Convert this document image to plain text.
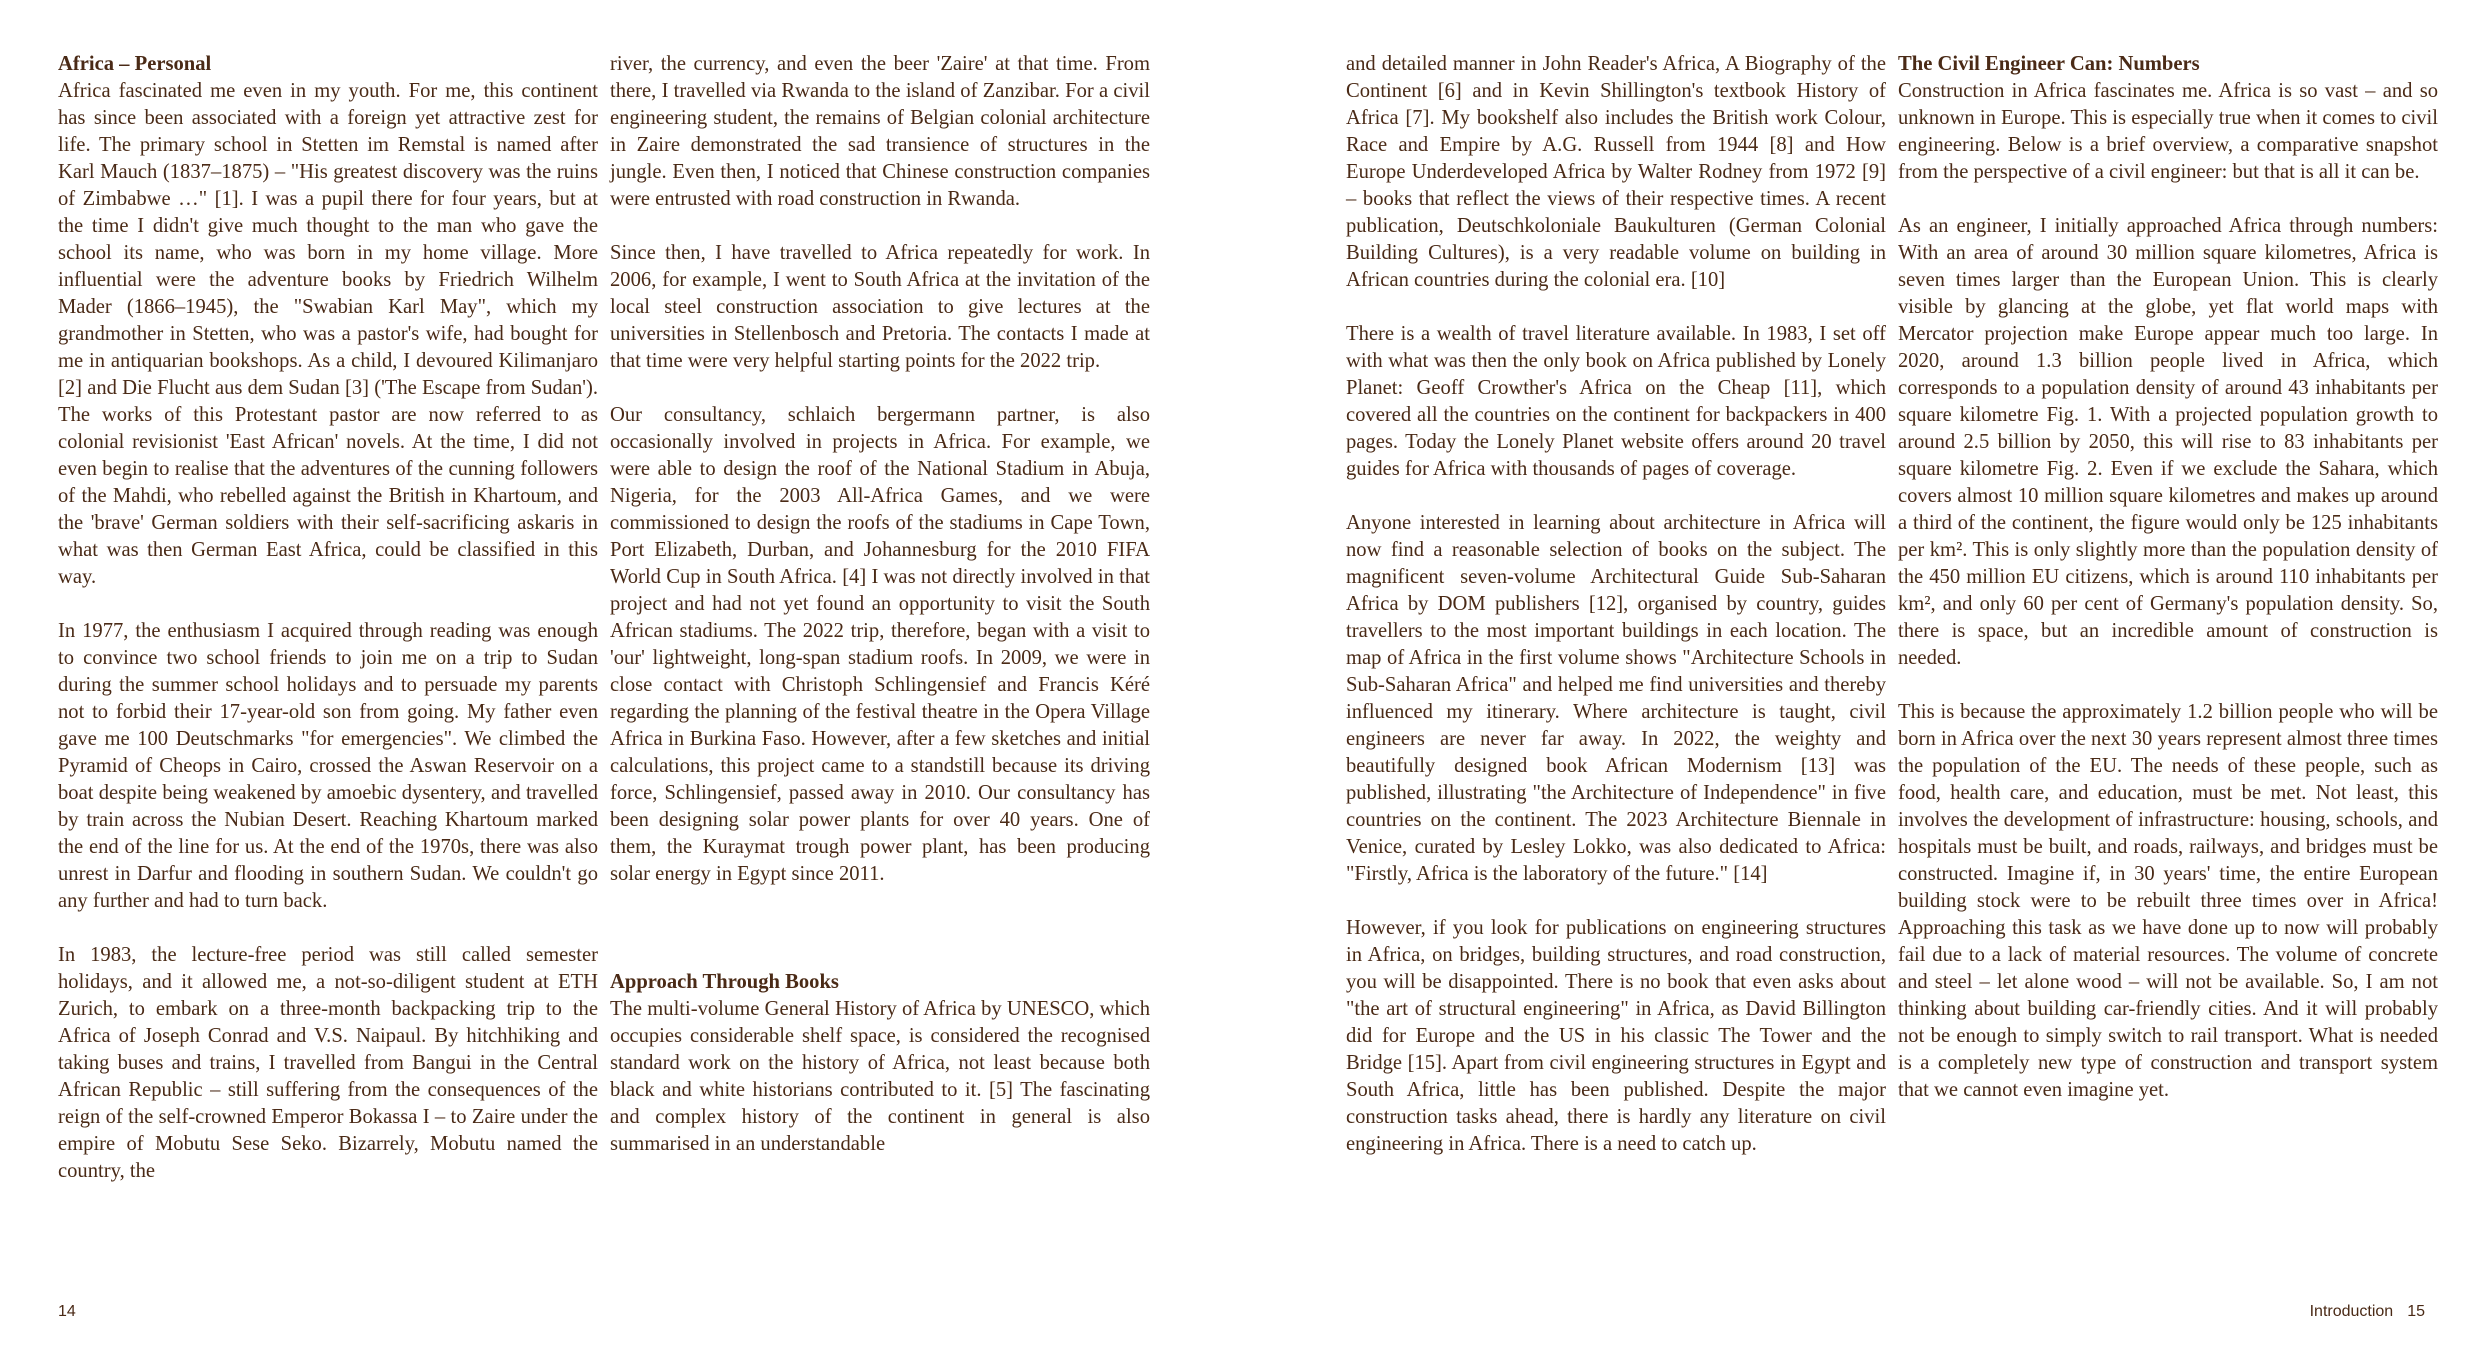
Africa – Personal

Africa fascinated me even in my youth. For me, this continent has since been associated with a foreign yet attractive zest for life. The primary school in Stetten im Remstal is named after Karl Mauch (1837–1875) – "His greatest discovery was the ruins of Zimbabwe …" [1]. I was a pupil there for four years, but at the time I didn't give much thought to the man who gave the school its name, who was born in my home village. More influential were the adventure books by Friedrich Wilhelm Mader (1866–1945), the "Swabian Karl May", which my grandmother in Stetten, who was a pastor's wife, had bought for me in antiquarian bookshops. As a child, I devoured Kilimanjaro [2] and Die Flucht aus dem Sudan [3] ('The Escape from Sudan'). The works of this Protestant pastor are now referred to as colonial revisionist 'East African' novels. At the time, I did not even begin to realise that the adventures of the cunning followers of the Mahdi, who rebelled against the British in Khartoum, and the 'brave' German soldiers with their self-sacrificing askaris in what was then German East Africa, could be classified in this way.

In 1977, the enthusiasm I acquired through reading was enough to convince two school friends to join me on a trip to Sudan during the summer school holidays and to persuade my parents not to forbid their 17-year-old son from going. My father even gave me 100 Deutschmarks "for emergencies". We climbed the Pyramid of Cheops in Cairo, crossed the Aswan Reservoir on a boat despite being weakened by amoebic dysentery, and travelled by train across the Nubian Desert. Reaching Khartoum marked the end of the line for us. At the end of the 1970s, there was also unrest in Darfur and flooding in southern Sudan. We couldn't go any further and had to turn back.

In 1983, the lecture-free period was still called semester holidays, and it allowed me, a not-so-diligent student at ETH Zurich, to embark on a three-month backpacking trip to the Africa of Joseph Conrad and V.S. Naipaul. By hitchhiking and taking buses and trains, I travelled from Bangui in the Central African Republic – still suffering from the consequences of the reign of the self-crowned Emperor Bokassa I – to Zaire under the empire of Mobutu Sese Seko. Bizarrely, Mobutu named the country, the

river, the currency, and even the beer 'Zaire' at that time. From there, I travelled via Rwanda to the island of Zanzibar. For a civil engineering student, the remains of Belgian colonial architecture in Zaire demonstrated the sad transience of structures in the jungle. Even then, I noticed that Chinese construction companies were entrusted with road construction in Rwanda.

Since then, I have travelled to Africa repeatedly for work. In 2006, for example, I went to South Africa at the invitation of the local steel construction association to give lectures at the universities in Stellenbosch and Pretoria. The contacts I made at that time were very helpful starting points for the 2022 trip.

Our consultancy, schlaich bergermann partner, is also occasionally involved in projects in Africa. For example, we were able to design the roof of the National Stadium in Abuja, Nigeria, for the 2003 All-Africa Games, and we were commissioned to design the roofs of the stadiums in Cape Town, Port Elizabeth, Durban, and Johannesburg for the 2010 FIFA World Cup in South Africa. [4] I was not directly involved in that project and had not yet found an opportunity to visit the South African stadiums. The 2022 trip, therefore, began with a visit to 'our' lightweight, long-span stadium roofs. In 2009, we were in close contact with Christoph Schlingensief and Francis Kéré regarding the planning of the festival theatre in the Opera Village Africa in Burkina Faso. However, after a few sketches and initial calculations, this project came to a standstill because its driving force, Schlingensief, passed away in 2010. Our consultancy has been designing solar power plants for over 40 years. One of them, the Kuraymat trough power plant, has been producing solar energy in Egypt since 2011.

Approach Through Books

The multi-volume General History of Africa by UNESCO, which occupies considerable shelf space, is considered the recognised standard work on the history of Africa, not least because both black and white historians contributed to it. [5] The fascinating and complex history of the continent in general is also summarised in an understandable

and detailed manner in John Reader's Africa, A Biography of the Continent [6] and in Kevin Shillington's textbook History of Africa [7]. My bookshelf also includes the British work Colour, Race and Empire by A.G. Russell from 1944 [8] and How Europe Underdeveloped Africa by Walter Rodney from 1972 [9] – books that reflect the views of their respective times. A recent publication, Deutschkoloniale Baukulturen (German Colonial Building Cultures), is a very readable volume on building in African countries during the colonial era. [10]

There is a wealth of travel literature available. In 1983, I set off with what was then the only book on Africa published by Lonely Planet: Geoff Crowther's Africa on the Cheap [11], which covered all the countries on the continent for backpackers in 400 pages. Today the Lonely Planet website offers around 20 travel guides for Africa with thousands of pages of coverage.

Anyone interested in learning about architecture in Africa will now find a reasonable selection of books on the subject. The magnificent seven-volume Architectural Guide Sub-Saharan Africa by DOM publishers [12], organised by country, guides travellers to the most important buildings in each location. The map of Africa in the first volume shows "Architecture Schools in Sub-Saharan Africa" and helped me find universities and thereby influenced my itinerary. Where architecture is taught, civil engineers are never far away. In 2022, the weighty and beautifully designed book African Modernism [13] was published, illustrating "the Architecture of Independence" in five countries on the continent. The 2023 Architecture Biennale in Venice, curated by Lesley Lokko, was also dedicated to Africa: "Firstly, Africa is the laboratory of the future." [14]

However, if you look for publications on engineering structures in Africa, on bridges, building structures, and road construction, you will be disappointed. There is no book that even asks about "the art of structural engineering" in Africa, as David Billington did for Europe and the US in his classic The Tower and the Bridge [15]. Apart from civil engineering structures in Egypt and South Africa, little has been published. Despite the major construction tasks ahead, there is hardly any literature on civil engineering in Africa. There is a need to catch up.

The Civil Engineer Can: Numbers

Construction in Africa fascinates me. Africa is so vast – and so unknown in Europe. This is especially true when it comes to civil engineering. Below is a brief overview, a comparative snapshot from the perspective of a civil engineer: but that is all it can be.

As an engineer, I initially approached Africa through numbers: With an area of around 30 million square kilometres, Africa is seven times larger than the European Union. This is clearly visible by glancing at the globe, yet flat world maps with Mercator projection make Europe appear much too large. In 2020, around 1.3 billion people lived in Africa, which corresponds to a population density of around 43 inhabitants per square kilometre Fig. 1. With a projected population growth to around 2.5 billion by 2050, this will rise to 83 inhabitants per square kilometre Fig. 2. Even if we exclude the Sahara, which covers almost 10 million square kilometres and makes up around a third of the continent, the figure would only be 125 inhabitants per km². This is only slightly more than the population density of the 450 million EU citizens, which is around 110 inhabitants per km², and only 60 per cent of Germany's population density. So, there is space, but an incredible amount of construction is needed.

This is because the approximately 1.2 billion people who will be born in Africa over the next 30 years represent almost three times the population of the EU. The needs of these people, such as food, health care, and education, must be met. Not least, this involves the development of infrastructure: housing, schools, and hospitals must be built, and roads, railways, and bridges must be constructed. Imagine if, in 30 years' time, the entire European building stock were to be rebuilt three times over in Africa! Approaching this task as we have done up to now will probably fail due to a lack of material resources. The volume of concrete and steel – let alone wood – will not be available. So, I am not thinking about building car-friendly cities. And it will probably not be enough to simply switch to rail transport. What is needed is a completely new type of construction and transport system that we cannot even imagine yet.

14	Introduction 15
